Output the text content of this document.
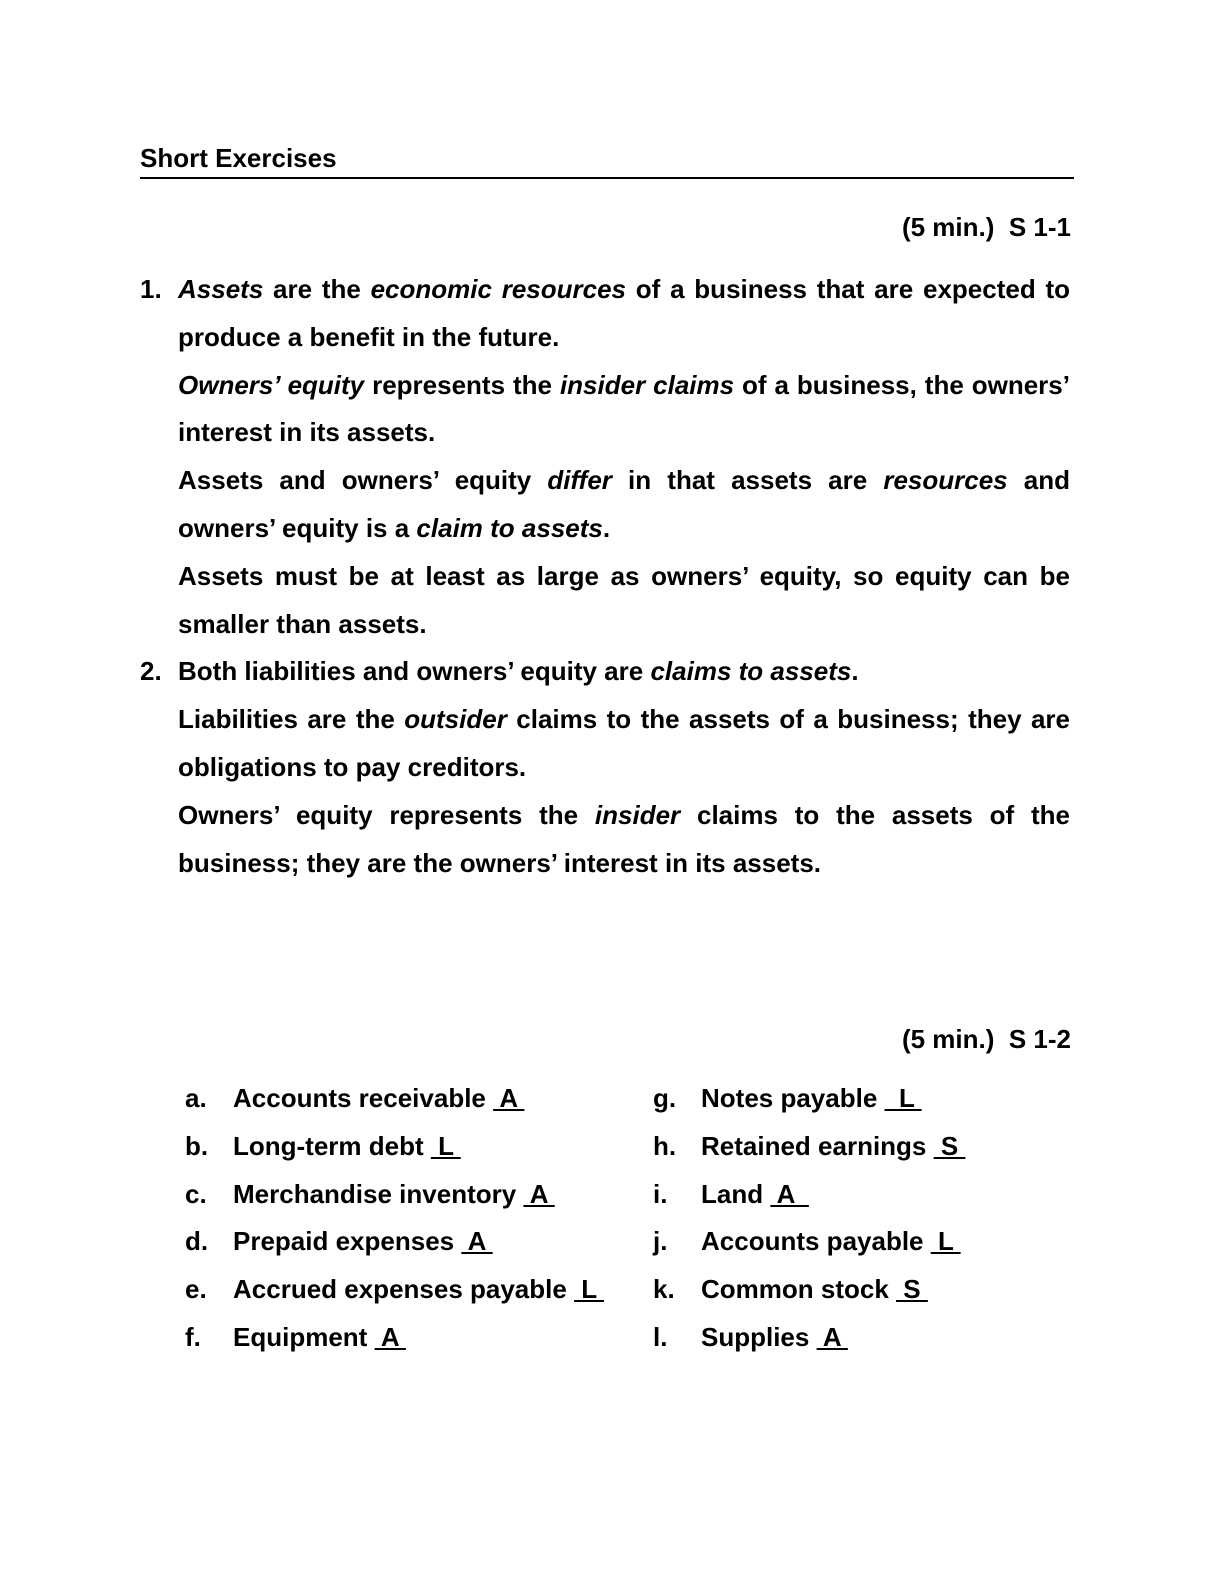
Short Exercises
(5 min.)  S 1-1
1. Assets are the economic resources of a business that are expected to produce a benefit in the future.
Owners’ equity represents the insider claims of a business, the owners’ interest in its assets.
Assets and owners’ equity differ in that assets are resources and owners’ equity is a claim to assets.
Assets must be at least as large as owners’ equity, so equity can be smaller than assets.
2. Both liabilities and owners’ equity are claims to assets.
Liabilities are the outsider claims to the assets of a business; they are obligations to pay creditors.
Owners’ equity represents the insider claims to the assets of the business; they are the owners’ interest in its assets.
(5 min.)  S 1-2
a. Accounts receivable  A
b. Long-term debt  L
c. Merchandise inventory  A
d. Prepaid expenses  A
e. Accrued expenses payable  L
f. Equipment  A
g. Notes payable   L
h. Retained earnings  S
i. Land  A
j. Accounts payable  L
k. Common stock  S
l. Supplies  A
